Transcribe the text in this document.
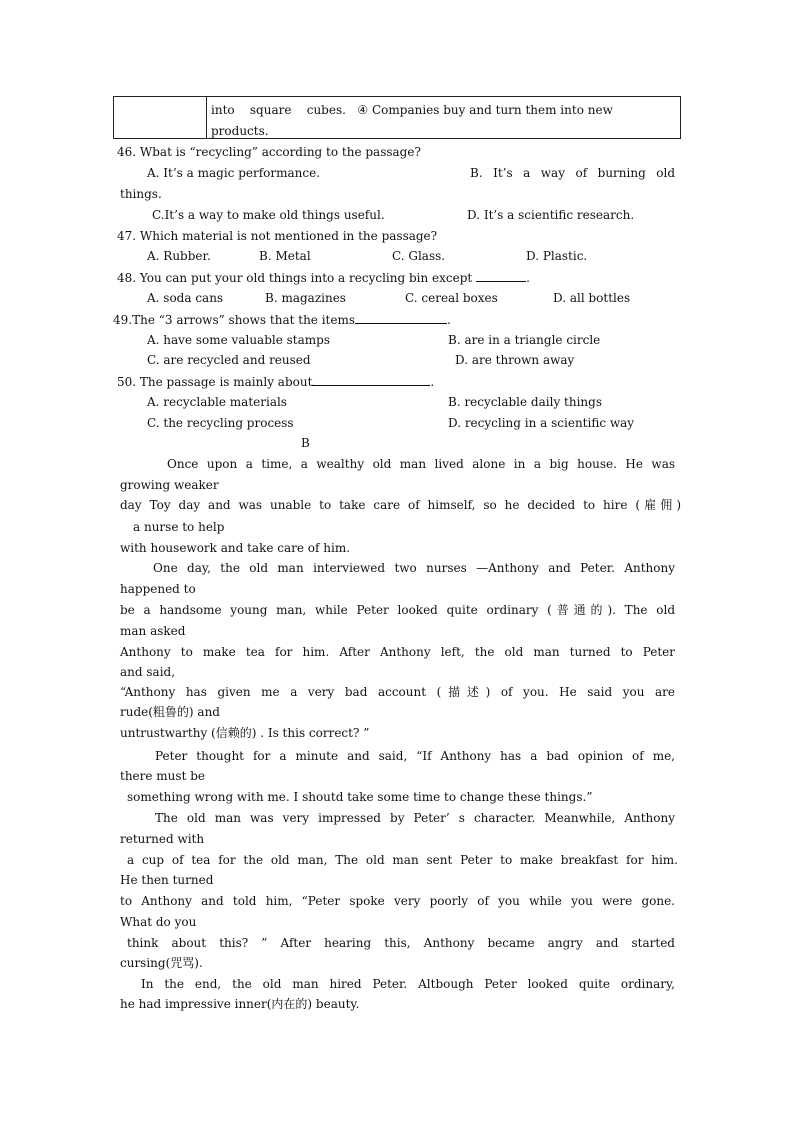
into square cubes. ④ Companies buy and turn them into new
products.
46. Wbat is “recycling” according to the passage?
A. It’s a magic performance.	B. It’s a way of burning old
things.
C.It’s a way to make old things useful.	D. It’s a scientific research.
47. Which material is not mentioned in the passage?
A. Rubber.	B. Metal	C. Glass.	D. Plastic.
48. You can put your old things into a recycling bin except	.
A. soda cans	B. magazines	C. cereal boxes	D. all bottles
49.The “3 arrows” shows that the items	.
A. have some valuable stamps	B. are in a triangle circle
C. are recycled and reused	D. are thrown away
50. The passage is mainly about	.
A. recyclable materials	B. recyclable daily things
C. the recycling process	D. recycling in a scientific way
B
Once upon a time, a wealthy old man lived alone in a big house. He was
growing weaker
day Toy day and was unable to take care of himself, so he decided to hire (雇佣)
a nurse to help
with housework and take care of him.
One day, the old man interviewed two nurses —Anthony and Peter. Anthony
happened to
be a handsome young man, while Peter looked quite ordinary (普通的). The old
man asked
Anthony to make tea for him. After Anthony left, the old man turned to Peter
and said,
“Anthony has given me a very bad account (描述) of you. He said you are
rude(粗鲁的) and
untrustwarthy (信赖的) . Is this correct? ”
Peter thought for a minute and said, “If Anthony has a bad opinion of me,
there must be
something wrong with me. I shoutd take some time to change these things.”
The old man was very impressed by Peter’ s character. Meanwhile, Anthony
returned with
a cup of tea for the old man, The old man sent Peter to make breakfast for him.
He then turned
to Anthony and told him, “Peter spoke very poorly of you while you were gone.
What do you
think about this? ” After hearing this, Anthony became angry and started
cursing(咒骂).
In the end, the old man hired Peter. Altbough Peter looked quite ordinary,
he had impressive inner(内在的) beauty.
